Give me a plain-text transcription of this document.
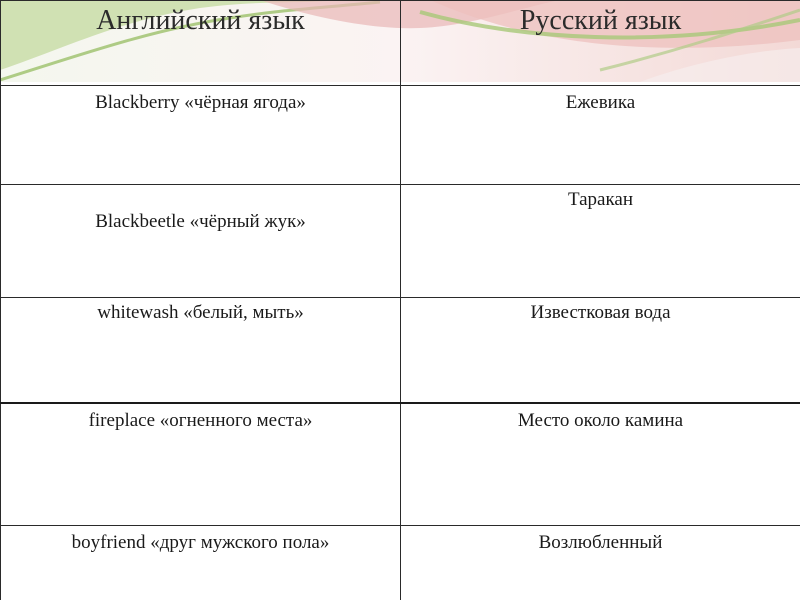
Английский язык	Русский язык
Blackberry «чёрная ягода»	Ежевика
Blackbeetle «чёрный жук»	Таракан
whitewash «белый, мыть»	Известковая вода
fireplace «огненного места»	Место около камина
boyfriend «друг мужского пола»	Возлюбленный
